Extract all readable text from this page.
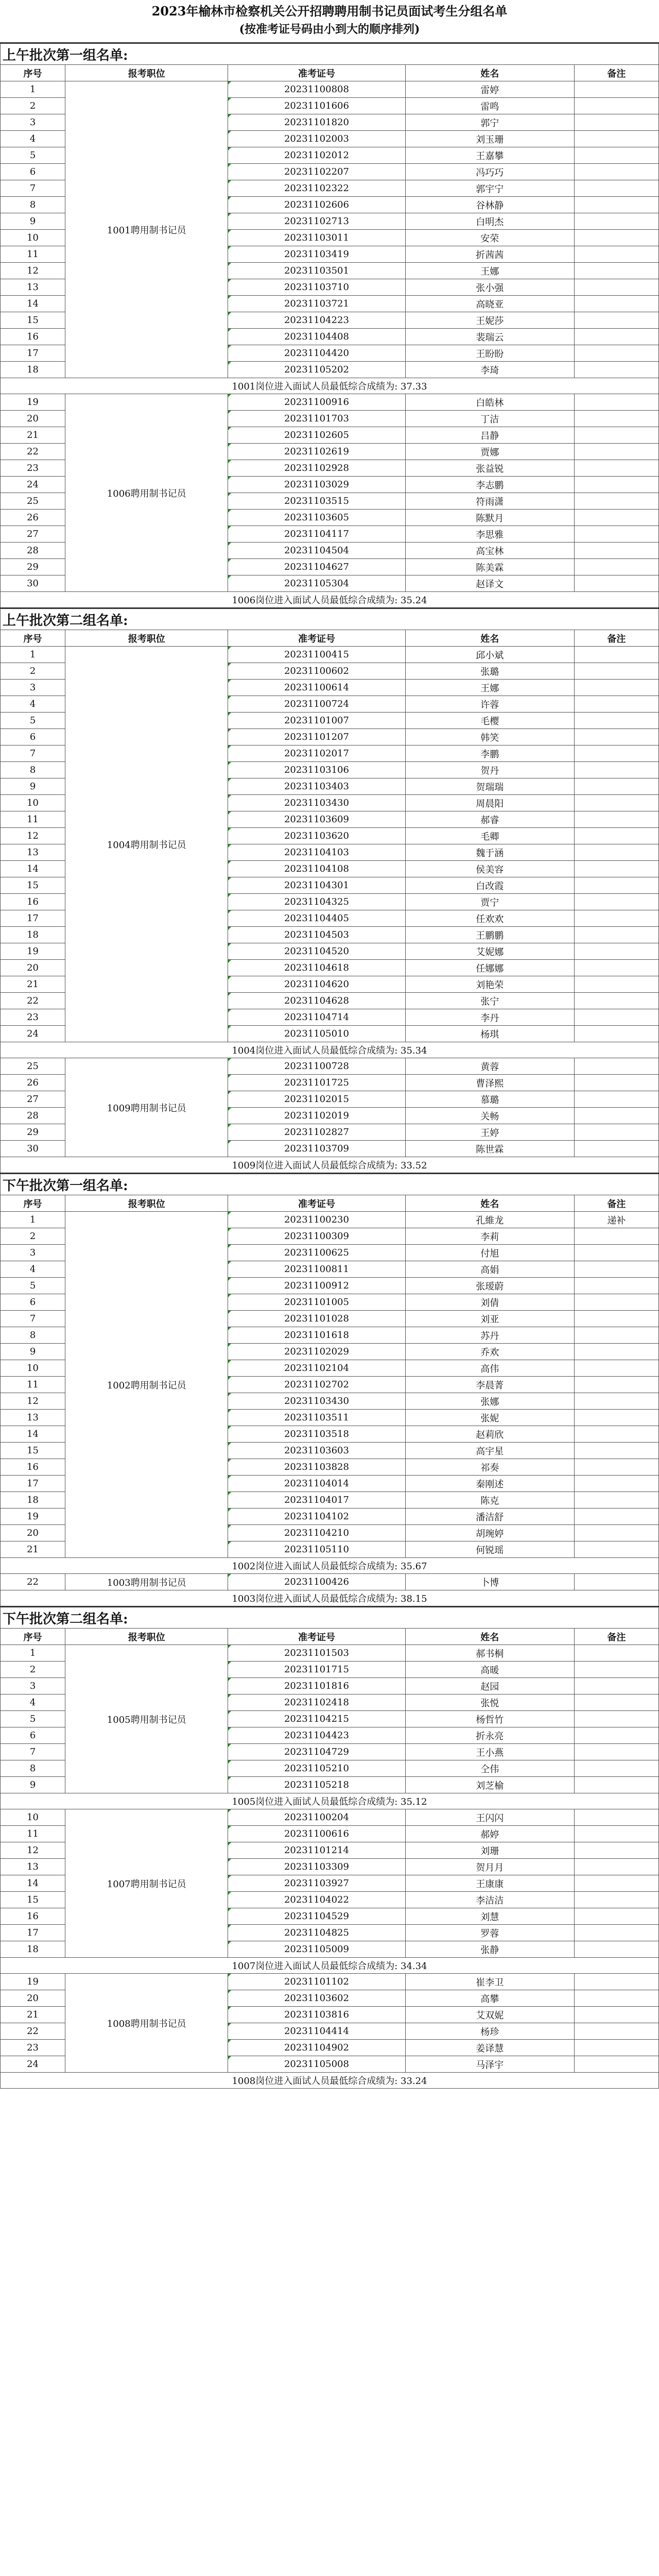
2023年榆林市检察机关公开招聘聘用制书记员面试考生分组名单
(按准考证号码由小到大的顺序排列)
上午批次第一组名单:				
序号	报考职位	准考证号	姓名	备注
1	1001聘用制书记员	20231100808	雷婷	
2		20231101606	雷鸣	
3		20231101820	郭宁	
4		20231102003	刘玉珊	
5		20231102012	王嘉攀	
6		20231102207	冯巧巧	
7		20231102322	郭宇宁	
8		20231102606	谷林静	
9		20231102713	白明杰	
10		20231103011	安荣	
11		20231103419	折茜茜	
12		20231103501	王娜	
13		20231103710	张小强	
14		20231103721	高晓亚	
15		20231104223	王妮莎	
16		20231104408	裴瑞云	
17		20231104420	王盼盼	
18		20231105202	李琦	
1001岗位进入面试人员最低综合成绩为: 37.33				
19	1006聘用制书记员	20231100916	白皓林	
20		20231101703	丁洁	
21		20231102605	吕静	
22		20231102619	贾娜	
23		20231102928	张益锐	
24		20231103029	李志鹏	
25		20231103515	符雨潇	
26		20231103605	陈默月	
27		20231104117	李思雅	
28		20231104504	高宝林	
29		20231104627	陈美霖	
30		20231105304	赵译文	
1006岗位进入面试人员最低综合成绩为: 35.24				
上午批次第二组名单:				
序号	报考职位	准考证号	姓名	备注
1	1004聘用制书记员	20231100415	邱小斌	
2		20231100602	张璐	
3		20231100614	王娜	
4		20231100724	许蓉	
5		20231101007	毛樱	
6		20231101207	韩笑	
7		20231102017	李鹏	
8		20231103106	贺丹	
9		20231103403	贺瑞瑞	
10		20231103430	周晨阳	
11		20231103609	郝睿	
12		20231103620	毛卿	
13		20231104103	魏于涵	
14		20231104108	侯美容	
15		20231104301	白改霞	
16		20231104325	贾宁	
17		20231104405	任欢欢	
18		20231104503	王鹏鹏	
19		20231104520	艾妮娜	
20		20231104618	任娜娜	
21		20231104620	刘艳荣	
22		20231104628	张宁	
23		20231104714	李丹	
24		20231105010	杨琪	
1004岗位进入面试人员最低综合成绩为: 35.34				
25	1009聘用制书记员	20231100728	黄蓉	
26		20231101725	曹泽熙	
27		20231102015	慕璐	
28		20231102019	关畅	
29		20231102827	王婷	
30		20231103709	陈世霖	
1009岗位进入面试人员最低综合成绩为: 33.52				
下午批次第一组名单:				
序号	报考职位	准考证号	姓名	备注
1	1002聘用制书记员	20231100230	孔維龙	递补
2		20231100309	李莉	
3		20231100625	付旭	
4		20231100811	高娟	
5		20231100912	张瑷蔚	
6		20231101005	刘倩	
7		20231101028	刘亚	
8		20231101618	苏丹	
9		20231102029	乔欢	
10		20231102104	高伟	
11		20231102702	李晨菁	
12		20231103430	张娜	
13		20231103511	张妮	
14		20231103518	赵莉欣	
15		20231103603	高宇星	
16		20231103828	祁奏	
17		20231104014	秦刚述	
18		20231104017	陈克	
19		20231104102	潘洁舒	
20		20231104210	胡琬婷	
21		20231105110	何锐瑶	
1002岗位进入面试人员最低综合成绩为: 35.67				
22	1003聘用制书记员	20231100426	卜博	
1003岗位进入面试人员最低综合成绩为: 38.15				
下午批次第二组名单:				
序号	报考职位	准考证号	姓名	备注
1	1005聘用制书记员	20231101503	郝书桐	
2		20231101715	高暖	
3		20231101816	赵园	
4		20231102418	张悦	
5		20231104215	杨哲竹	
6		20231104423	折永亮	
7		20231104729	王小燕	
8		20231105210	仝伟	
9		20231105218	刘芝榆	
1005岗位进入面试人员最低综合成绩为: 35.12				
10	1007聘用制书记员	20231100204	王闪闪	
11		20231100616	郝婷	
12		20231101214	刘珊	
13		20231103309	贺月月	
14		20231103927	王康康	
15		20231104022	李洁洁	
16		20231104529	刘慧	
17		20231104825	罗蓉	
18		20231105009	张静	
1007岗位进入面试人员最低综合成绩为: 34.34				
19	1008聘用制书记员	20231101102	崔李卫	
20		20231103602	高攀	
21		20231103816	艾双妮	
22		20231104414	杨珍	
23		20231104902	姜译慧	
24		20231105008	马泽宇	
1008岗位进入面试人员最低综合成绩为: 33.24				
